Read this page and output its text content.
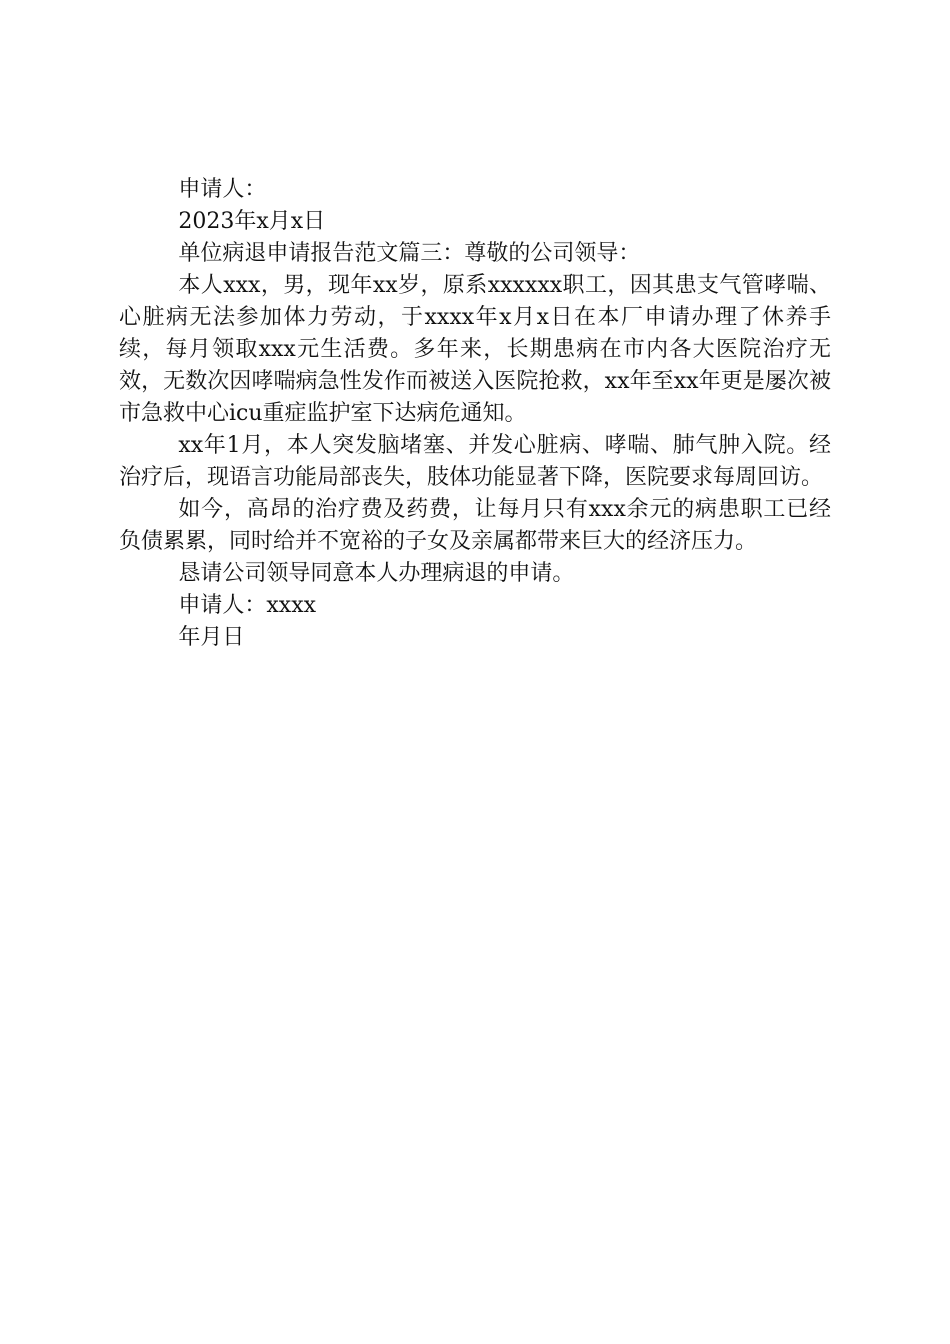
申请人：

2023年x月x日

单位病退申请报告范文篇三：尊敬的公司领导：

本人xxx，男，现年xx岁，原系xxxxxx职工，因其患支气管哮喘、心脏病无法参加体力劳动，于xxxx年x月x日在本厂申请办理了休养手续，每月领取xxx元生活费。多年来，长期患病在市内各大医院治疗无效，无数次因哮喘病急性发作而被送入医院抢救，xx年至xx年更是屡次被市急救中心icu重症监护室下达病危通知。

xx年1月，本人突发脑堵塞、并发心脏病、哮喘、肺气肿入院。经治疗后，现语言功能局部丧失，肢体功能显著下降，医院要求每周回访。

如今，高昂的治疗费及药费，让每月只有xxx余元的病患职工已经负债累累，同时给并不宽裕的子女及亲属都带来巨大的经济压力。

恳请公司领导同意本人办理病退的申请。

申请人：xxxx

年月日
